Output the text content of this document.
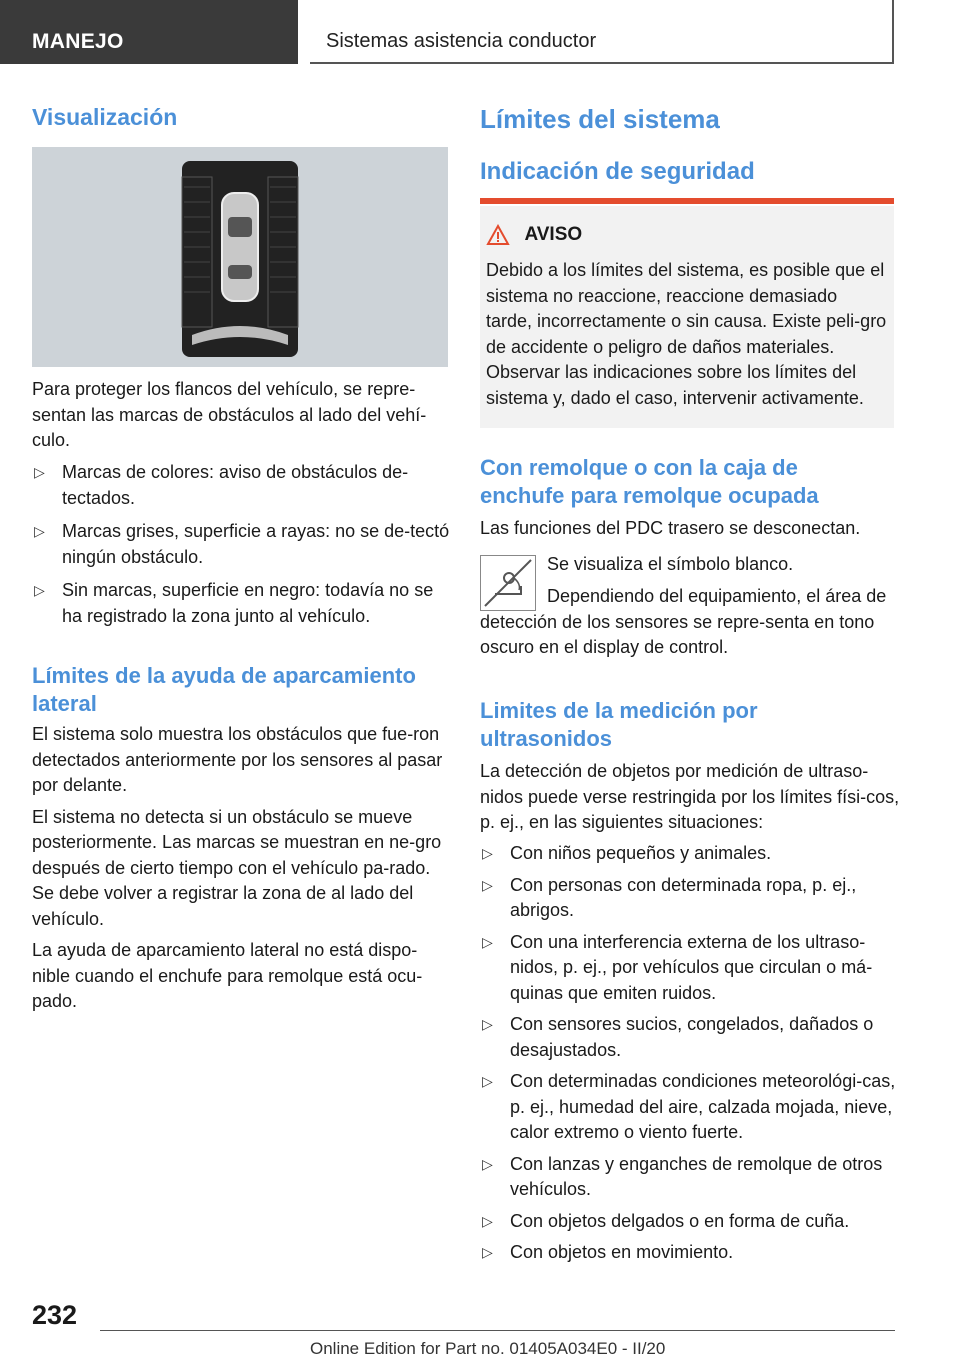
MANEJO	Sistemas asistencia conductor
Visualización

Para proteger los flancos del vehículo, se repre-sentan las marcas de obstáculos al lado del vehí-culo.

▷ Marcas de colores: aviso de obstáculos de-tectados.
▷ Marcas grises, superficie a rayas: no se de-tectó ningún obstáculo.
▷ Sin marcas, superficie en negro: todavía no se ha registrado la zona junto al vehículo.
Límites de la ayuda de aparcamiento lateral

El sistema solo muestra los obstáculos que fue-ron detectados anteriormente por los sensores al pasar por delante.

El sistema no detecta si un obstáculo se mueve posteriormente. Las marcas se muestran en ne-gro después de cierto tiempo con el vehículo pa-rado. Se debe volver a registrar la zona de al lado del vehículo.

La ayuda de aparcamiento lateral no está dispo-nible cuando el enchufe para remolque está ocu-pado.

Límites del sistema
Indicación de seguridad
AVISO

Debido a los límites del sistema, es posible que el sistema no reaccione, reaccione demasiado tarde, incorrectamente o sin causa. Existe peli-gro de accidente o peligro de daños materiales. Observar las indicaciones sobre los límites del sistema y, dado el caso, intervenir activamente.

Con remolque o con la caja de enchufe para remolque ocupada

Las funciones del PDC trasero se desconectan.

Se visualiza el símbolo blanco.

Dependiendo del equipamiento, el área de detección de los sensores se repre-senta en tono oscuro en el display de control.

Limites de la medición por ultrasonidos

La detección de objetos por medición de ultraso-nidos puede verse restringida por los límites físi-cos, p. ej., en las siguientes situaciones:

▷ Con niños pequeños y animales.
▷ Con personas con determinada ropa, p. ej., abrigos.
▷ Con una interferencia externa de los ultraso-nidos, p. ej., por vehículos que circulan o má-quinas que emiten ruidos.
▷ Con sensores sucios, congelados, dañados o desajustados.
▷ Con determinadas condiciones meteorológi-cas, p. ej., humedad del aire, calzada mojada, nieve, calor extremo o viento fuerte.
▷ Con lanzas y enganches de remolque de otros vehículos.
▷ Con objetos delgados o en forma de cuña.
▷ Con objetos en movimiento.
232
Online Edition for Part no. 01405A034E0 - II/20
